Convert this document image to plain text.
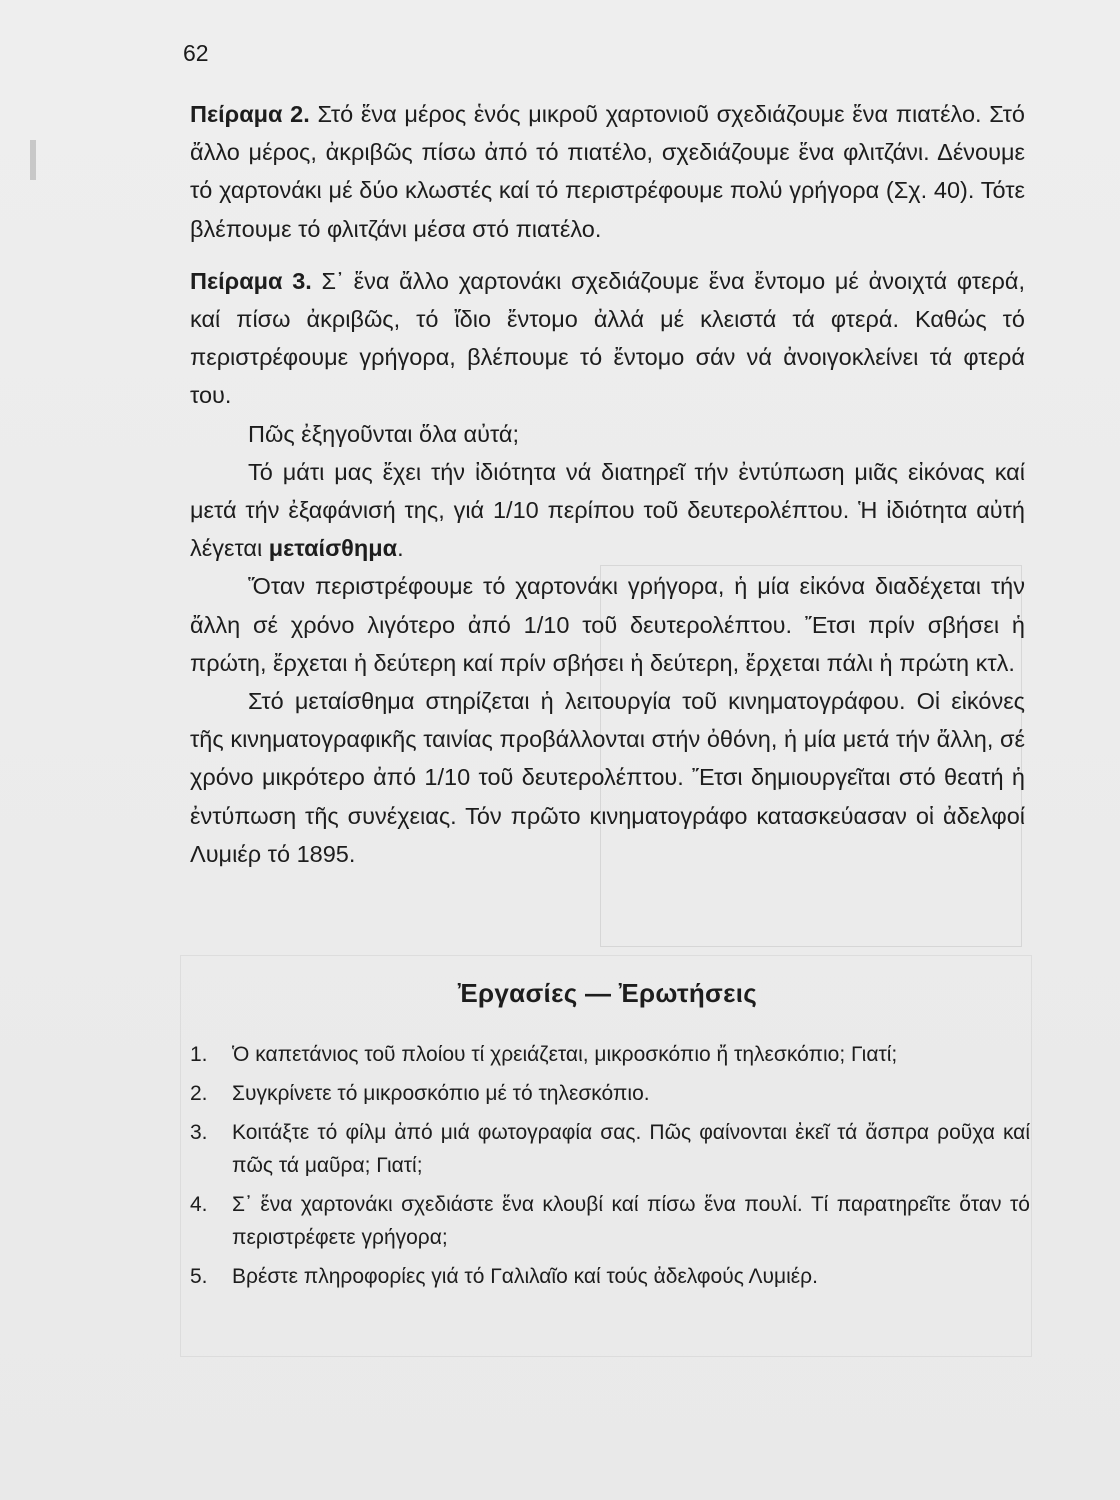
62

Πείραμα 2. Στό ἕνα μέρος ἑνός μικροῦ χαρτονιοῦ σχεδιάζουμε ἕνα πιατέλο. Στό ἄλλο μέρος, ἀκριβῶς πίσω ἀπό τό πιατέλο, σχεδιάζουμε ἕνα φλιτζάνι. Δένουμε τό χαρτονάκι μέ δύο κλωστές καί τό περιστρέφουμε πολύ γρήγορα (Σχ. 40). Τότε βλέπουμε τό φλιτζάνι μέσα στό πιατέλο.

Πείραμα 3. Σ᾽ ἕνα ἄλλο χαρτονάκι σχεδιάζουμε ἕνα ἔντομο μέ ἀνοιχτά φτερά, καί πίσω ἀκριβῶς, τό ἴδιο ἔντομο ἀλλά μέ κλειστά τά φτερά. Καθώς τό περιστρέφουμε γρήγορα, βλέπουμε τό ἔντομο σάν νά ἀνοιγοκλείνει τά φτερά του.

Πῶς ἐξηγοῦνται ὅλα αὐτά;

Τό μάτι μας ἔχει τήν ἰδιότητα νά διατηρεῖ τήν ἐντύπωση μιᾶς εἰκόνας καί μετά τήν ἐξαφάνισή της, γιά 1/10 περίπου τοῦ δευτερολέπτου. Ἡ ἰδιότητα αὐτή λέγεται μεταίσθημα.

Ὅταν περιστρέφουμε τό χαρτονάκι γρήγορα, ἡ μία εἰκόνα διαδέχεται τήν ἄλλη σέ χρόνο λιγότερο ἀπό 1/10 τοῦ δευτερολέπτου. Ἔτσι πρίν σβήσει ἡ πρώτη, ἔρχεται ἡ δεύτερη καί πρίν σβήσει ἡ δεύτερη, ἔρχεται πάλι ἡ πρώτη κτλ.

Στό μεταίσθημα στηρίζεται ἡ λειτουργία τοῦ κινηματογράφου. Οἱ εἰκόνες τῆς κινηματογραφικῆς ταινίας προβάλλονται στήν ὀθόνη, ἡ μία μετά τήν ἄλλη, σέ χρόνο μικρότερο ἀπό 1/10 τοῦ δευτερολέπτου. Ἔτσι δημιουργεῖται στό θεατή ἡ ἐντύπωση τῆς συνέχειας. Τόν πρῶτο κινηματογράφο κατασκεύασαν οἱ ἀδελφοί Λυμιέρ τό 1895.

Ἐργασίες — Ἐρωτήσεις
1.	Ὁ καπετάνιος τοῦ πλοίου τί χρειάζεται, μικροσκόπιο ἤ τηλεσκόπιο; Γιατί;
2.	Συγκρίνετε τό μικροσκόπιο μέ τό τηλεσκόπιο.
3.	Κοιτάξτε τό φίλμ ἀπό μιά φωτογραφία σας. Πῶς φαίνονται ἐκεῖ τά ἄσπρα ροῦχα καί πῶς τά μαῦρα; Γιατί;
4.	Σ᾽ ἕνα χαρτονάκι σχεδιάστε ἕνα κλουβί καί πίσω ἕνα πουλί. Τί παρατηρεῖτε ὅταν τό περιστρέφετε γρήγορα;
5.	Βρέστε πληροφορίες γιά τό Γαλιλαῖο καί τούς ἀδελφούς Λυμιέρ.
